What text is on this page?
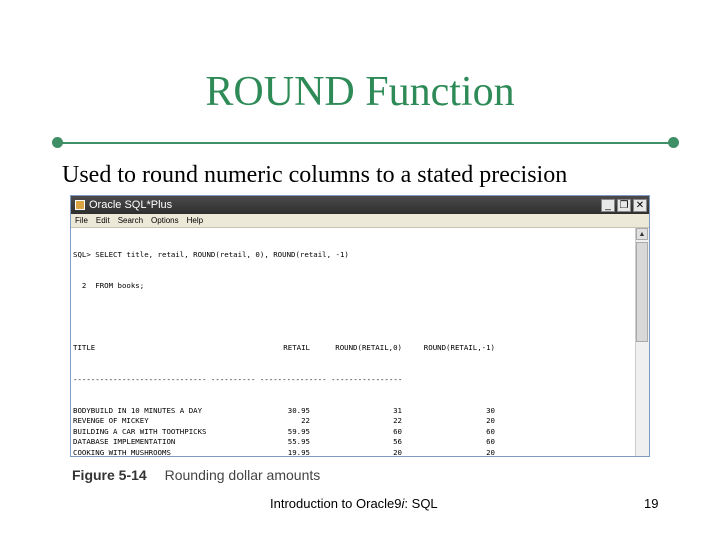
ROUND Function
Used to round numeric columns to a stated precision
Oracle SQL*Plus	_ ❐ ✕
File Edit Search Options Help

SQL> SELECT title, retail, ROUND(retail, 0), ROUND(retail, -1)

2  FROM books;

TITLE	RETAIL	ROUND(RETAIL,0)	ROUND(RETAIL,-1)

------------------------------ ---------- --------------- ----------------

BODYBUILD IN 10 MINUTES A DAY	30.95	31	30
REVENGE OF MICKEY	22	22	20
BUILDING A CAR WITH TOOTHPICKS	59.95	60	60
DATABASE IMPLEMENTATION	55.95	56	60
COOKING WITH MUSHROOMS	19.95	20	20

▲
Figure 5-14 Rounding dollar amounts
Introduction to Oracle9i: SQL	19
